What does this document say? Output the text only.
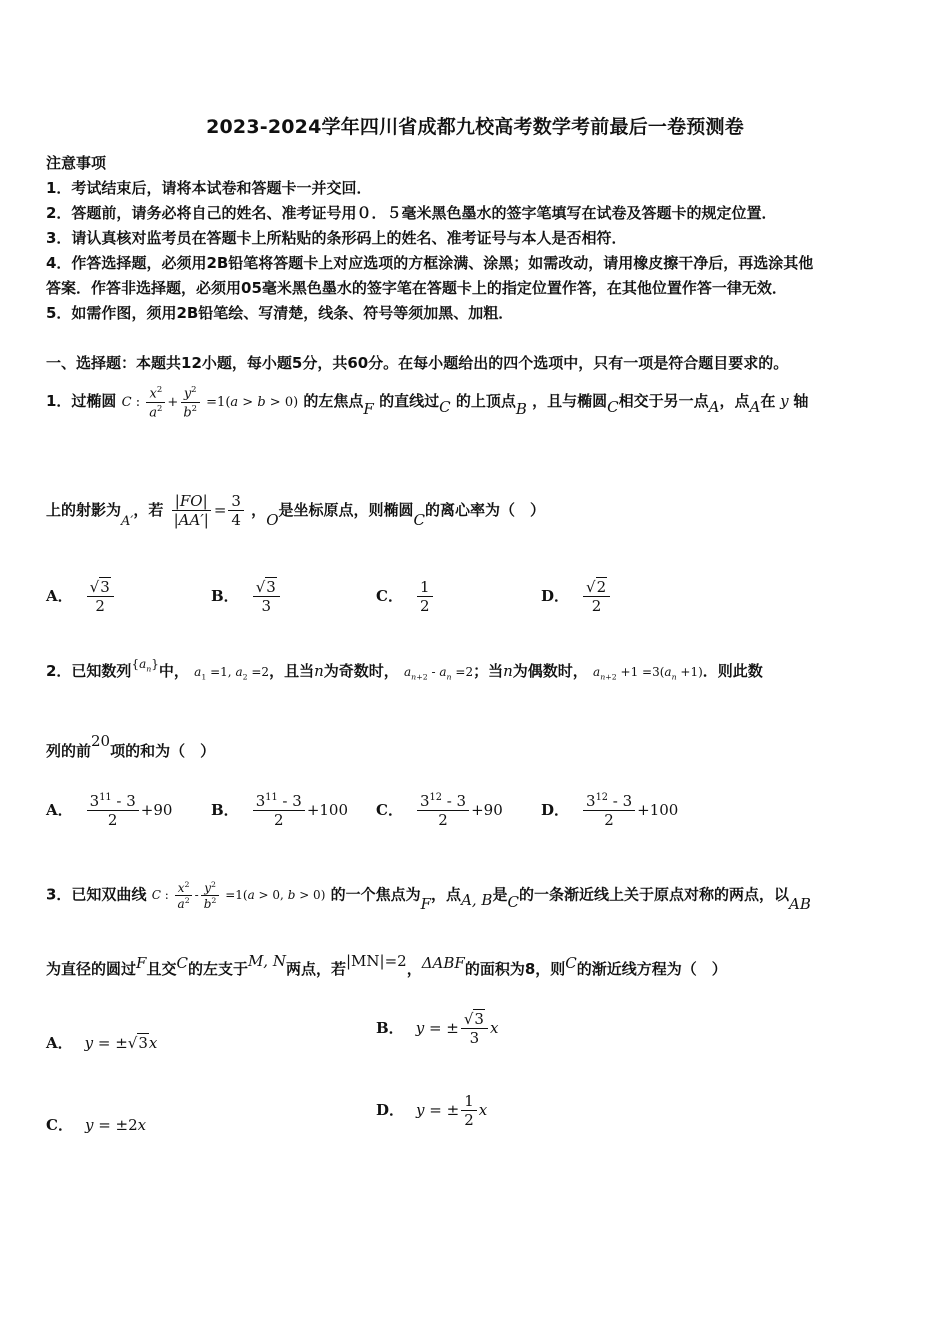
2023-2024学年四川省成都九校高考数学考前最后一卷预测卷
注意事项
1．考试结束后，请将本试卷和答题卡一并交回．
2．答题前，请务必将自己的姓名、准考证号用０．５毫米黑色墨水的签字笔填写在试卷及答题卡的规定位置．
3．请认真核对监考员在答题卡上所粘贴的条形码上的姓名、准考证号与本人是否相符．
4．作答选择题，必须用2B铅笔将答题卡上对应选项的方框涂满、涂黑；如需改动，请用橡皮擦干净后，再选涂其他
答案．作答非选择题，必须用05毫米黑色墨水的签字笔在答题卡上的指定位置作答，在其他位置作答一律无效．
5．如需作图，须用2B铅笔绘、写清楚，线条、符号等须加黑、加粗．
一、选择题：本题共12小题，每小题5分，共60分。在每小题给出的四个选项中，只有一项是符合题目要求的。
1．过椭圆 C : $\frac{x^2}{a^2} + \frac{y^2}{b^2} =1(a > b > 0)$ 的左焦点F 的直线过C 的上顶点B ，且与椭圆C相交于另一点A，点A在 y 轴
上的射影为A′，若 $\frac{|FO|}{|AA'|} = \frac{3}{4}$ ，O是坐标原点，则椭圆C的离心率为（　）
A． $\frac{√3}{2}$	B． $\frac{√3}{3}$	C． $\frac{1}{2}$	D． $\frac{√2}{2}$
2．已知数列$^{\{a_n\}}$中， $a_1 =1$, $a_2 =2$，且当n为奇数时， $a_{n+2} - a_n =2$；当n为偶数时， $a_{n+2} +1 =3(a_n +1)$．则此数
列的前20项的和为（　）
A． $\frac{3^{11} - 3}{2} +90$	B． $\frac{3^{11} - 3}{2} +100$ C． $\frac{3^{12} - 3}{2} +90$	D． $\frac{3^{12} - 3}{2} +100$
3．已知双曲线 C : $\frac{x^2}{a^2} - \frac{y^2}{b^2} =1(a > 0$, b > 0) 的一个焦点为F，点A, B是C的一条渐近线上关于原点对称的两点，以AB
为直径的圆过F且交C的左支于M, N两点，若|MN|=2，ΔABF的面积为8，则C的渐近线方程为（　）
A． y = ±√3x
B． y = ± $\frac{√3}{3}$ x
C． y = ±2x
D． y = ± $\frac{1}{2}$ x
